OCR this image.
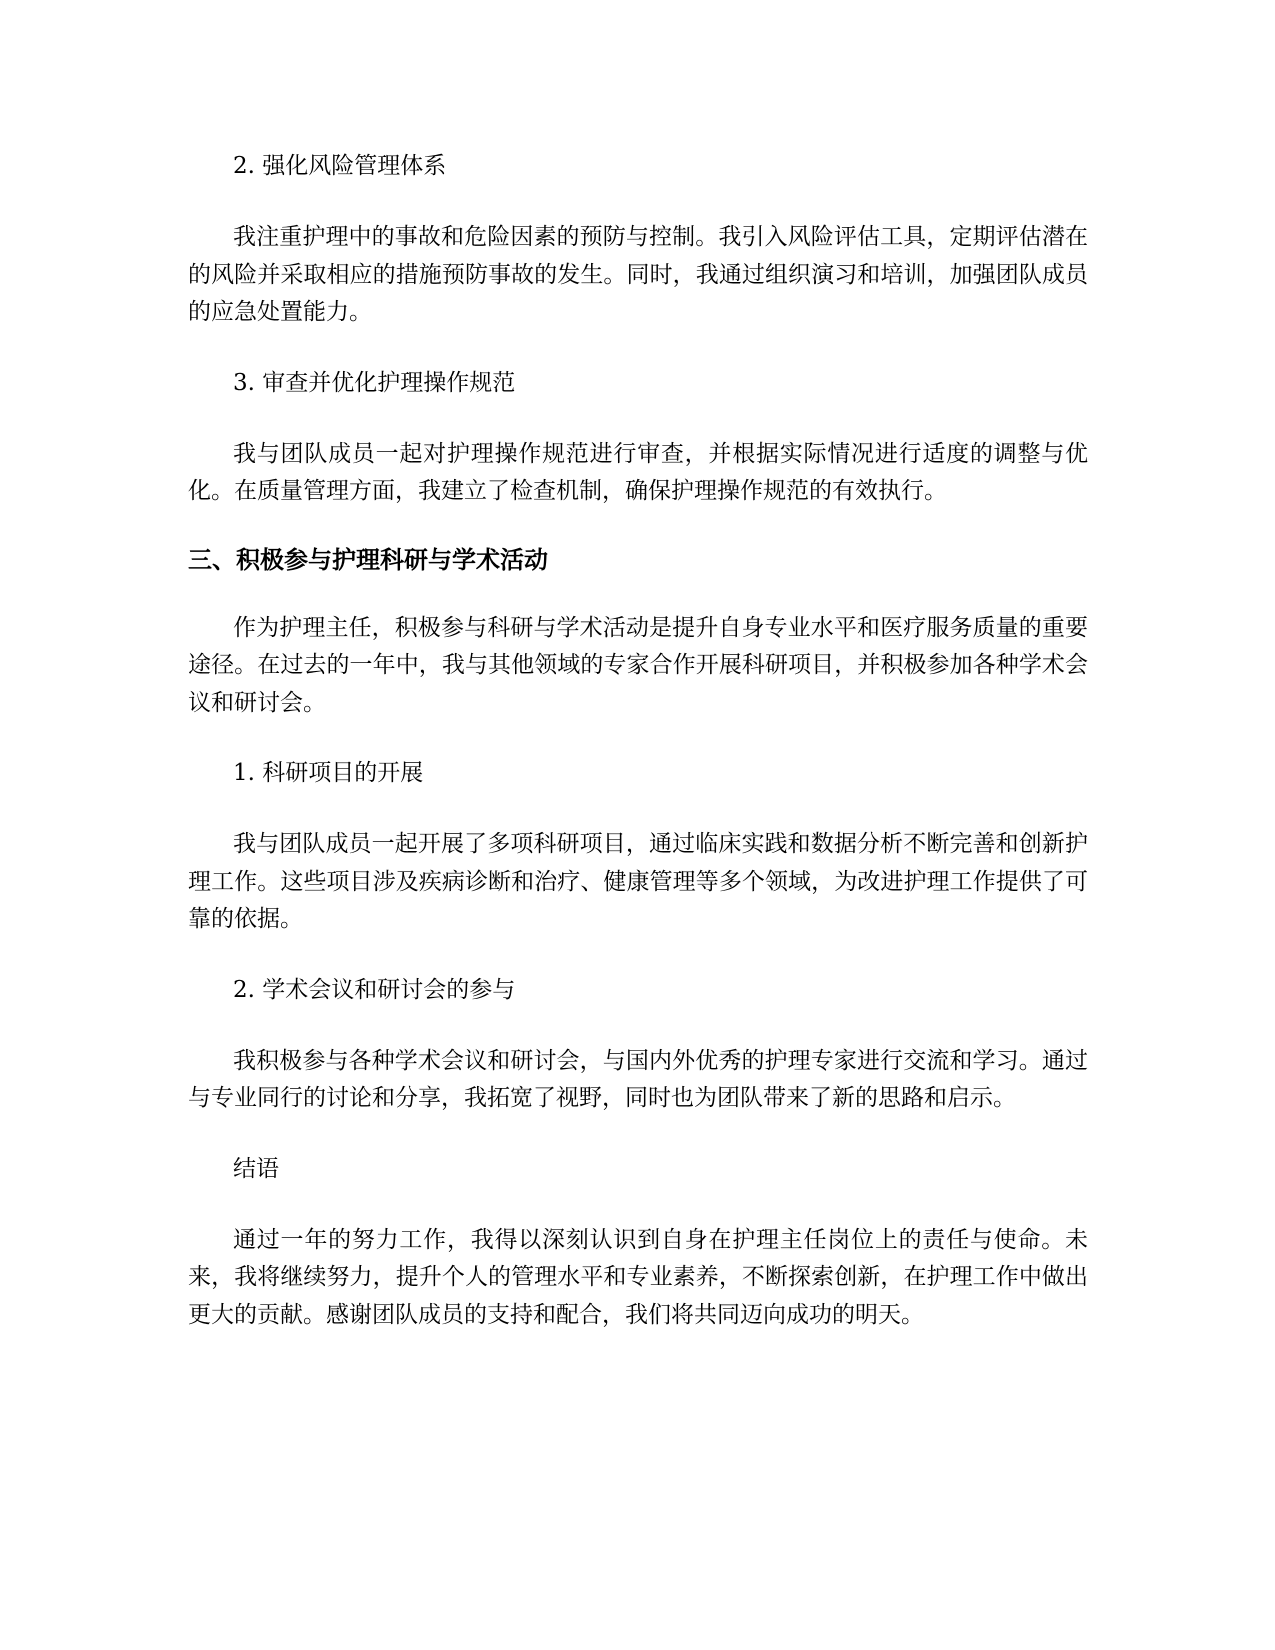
2. 强化风险管理体系

我注重护理中的事故和危险因素的预防与控制。我引入风险评估工具，定期评估潜在的风险并采取相应的措施预防事故的发生。同时，我通过组织演习和培训，加强团队成员的应急处置能力。

3. 审查并优化护理操作规范

我与团队成员一起对护理操作规范进行审查，并根据实际情况进行适度的调整与优化。在质量管理方面，我建立了检查机制，确保护理操作规范的有效执行。

三、积极参与护理科研与学术活动

作为护理主任，积极参与科研与学术活动是提升自身专业水平和医疗服务质量的重要途径。在过去的一年中，我与其他领域的专家合作开展科研项目，并积极参加各种学术会议和研讨会。

1. 科研项目的开展

我与团队成员一起开展了多项科研项目，通过临床实践和数据分析不断完善和创新护理工作。这些项目涉及疾病诊断和治疗、健康管理等多个领域，为改进护理工作提供了可靠的依据。

2. 学术会议和研讨会的参与

我积极参与各种学术会议和研讨会，与国内外优秀的护理专家进行交流和学习。通过与专业同行的讨论和分享，我拓宽了视野，同时也为团队带来了新的思路和启示。

结语

通过一年的努力工作，我得以深刻认识到自身在护理主任岗位上的责任与使命。未来，我将继续努力，提升个人的管理水平和专业素养，不断探索创新，在护理工作中做出更大的贡献。感谢团队成员的支持和配合，我们将共同迈向成功的明天。
